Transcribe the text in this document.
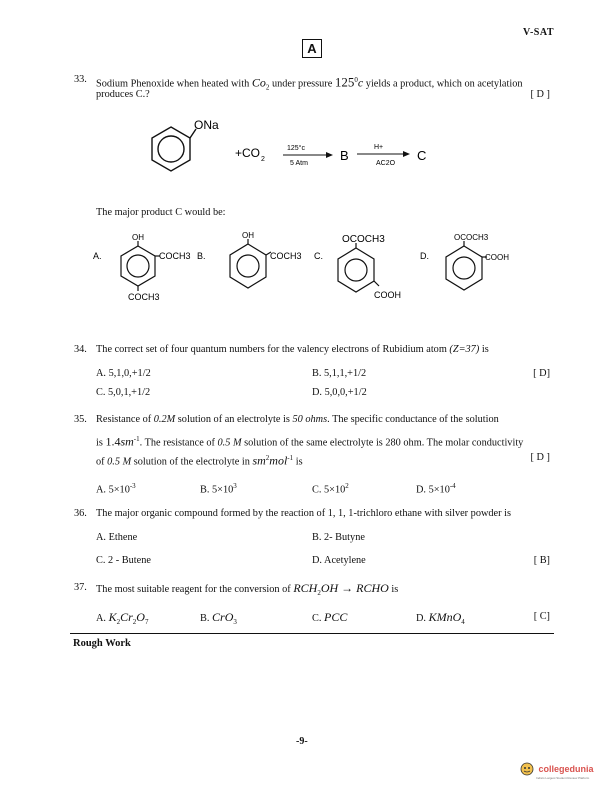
V-SAT
A
33. Sodium Phenoxide when heated with $Co_2$ under pressure $125^0c$ yields a product, which on acetylation
produces C.?	[ D ]
ONa
+CO 2
125°c
5 Atm
B
H+
AC2O
C
The major product C would be:
A.
OH
COCH3
COCH3
B.
OH
COCH3 C.
OCOCH3
COOH
D.
OCOCH3
COOH
34. The correct set of four quantum numbers for the valency electrons of Rubidium atom (Z=37) is
A. 5,1,0,+1/2	B. 5,1,1,+1/2	[ D]
C. 5,0,1,+1/2	D. 5,0,0,+1/2
35. Resistance of 0.2M solution of an electrolyte is 50 ohms. The specific conductance of the solution
is $1.4sm^{-1}$. The resistance of 0.5 M solution of the same electrolyte is 280 ohm. The molar conductivity
of 0.5 M solution of the electrolyte in $sm^2mol^{-1}$ is	[ D ]
A. $5\times 10^{-3}$	B. $5\times 10^3$	C. $5\times 10^2$	D. $5\times 10^{-4}$
36. The major organic compound formed by the reaction of 1, 1, 1-trichloro ethane with silver powder is
A. Ethene	B. 2- Butyne
C. 2 - Butene	D. Acetylene	[ B]
37. The most suitable reagent for the conversion of $RCH_2OH$ → RCHO is
A. $K_2Cr_2O_7$	B. CrO$_3$	C. PCC	D. KMnO$_4$
[ C]
Rough Work
-9-
collegedunia
India's Largest Student Review Platform
